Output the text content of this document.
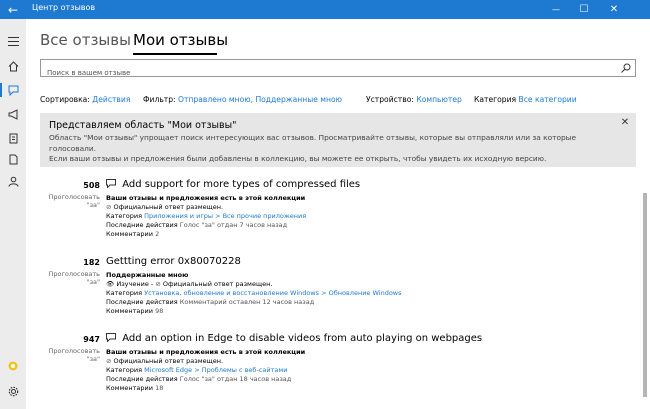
← Центр отзывов	— ☐ ✕
Все отзывы Мои отзывы
Поиск в вашем отзыве
Сортировка: Действия Фильтр: Отправлено мною, Поддержанные мною	Устройство: Компьютер Категория Все категории
Представляем область "Мои отзывы"
Область "Мои отзывы" упрощает поиск интересующих вас отзывов. Просматривайте отзывы, которые вы отправляли или за которые голосовали.
Если ваши отзывы и предложения были добавлены в коллекцию, вы можете ее открыть, чтобы увидеть их исходную версию.
✕
508
Проголосовать "за"
Add support for more types of compressed files
Ваши отзывы и предложения есть в этой коллекции
⊘ Официальный ответ размещен.
Категория Приложения и игры > Все прочие приложения
Последние действия Голос "за" отдан 7 часов назад
Комментарии 2
182
Проголосовать "за"
Gettting error 0x80070228
Поддержанные мною
👁 Изучение - ⊘ Официальный ответ размещен.
Категория Установка, обновление и восстановление Windows > Обновление Windows
Последние действия Комментарий оставлен 12 часов назад
Комментарии 98
947
Проголосовать "за"
Add an option in Edge to disable videos from auto playing on webpages
Ваши отзывы и предложения есть в этой коллекции
⊘ Официальный ответ размещен.
Категория Microsoft Edge > Проблемы с веб-сайтами
Последние действия Голос "за" отдан 18 часов назад
Комментарии 18
